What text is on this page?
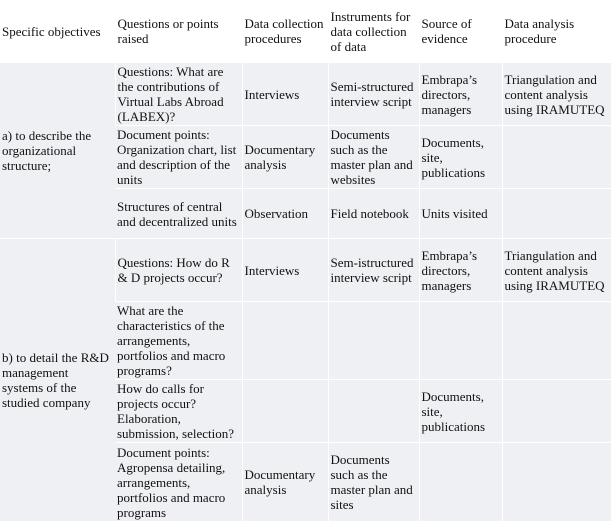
Specific objectives	Questions or points raised	Data collection procedures	Instruments for data collection of data	Source of evidence	Data analysis procedure
a) to describe the organizational structure;	Questions: What are the contributions of Virtual Labs Abroad (LABEX)?	Interviews	Semi-structured interview script	Embrapa’s directors, managers	Triangulation and content analysis using IRAMUTEQ
	Document points: Organization chart, list and description of the units	Documentary analysis	Documents such as the master plan and websites	Documents, site, publications	
	Structures of central and decentralized units	Observation	Field notebook	Units visited	
b) to detail the R&D management systems of the studied company	Questions: How do R & D projects occur?	Interviews	Sem-istructured interview script	Embrapa’s directors, managers	Triangulation and content analysis using IRAMUTEQ
	What are the characteristics of the arrangements, portfolios and macro programs?				
	How do calls for projects occur? Elaboration, submission, selection?			Documents, site, publications	
	Document points: Agropensa detailing, arrangements, portfolios and macro programs	Documentary analysis	Documents such as the master plan and sites		
